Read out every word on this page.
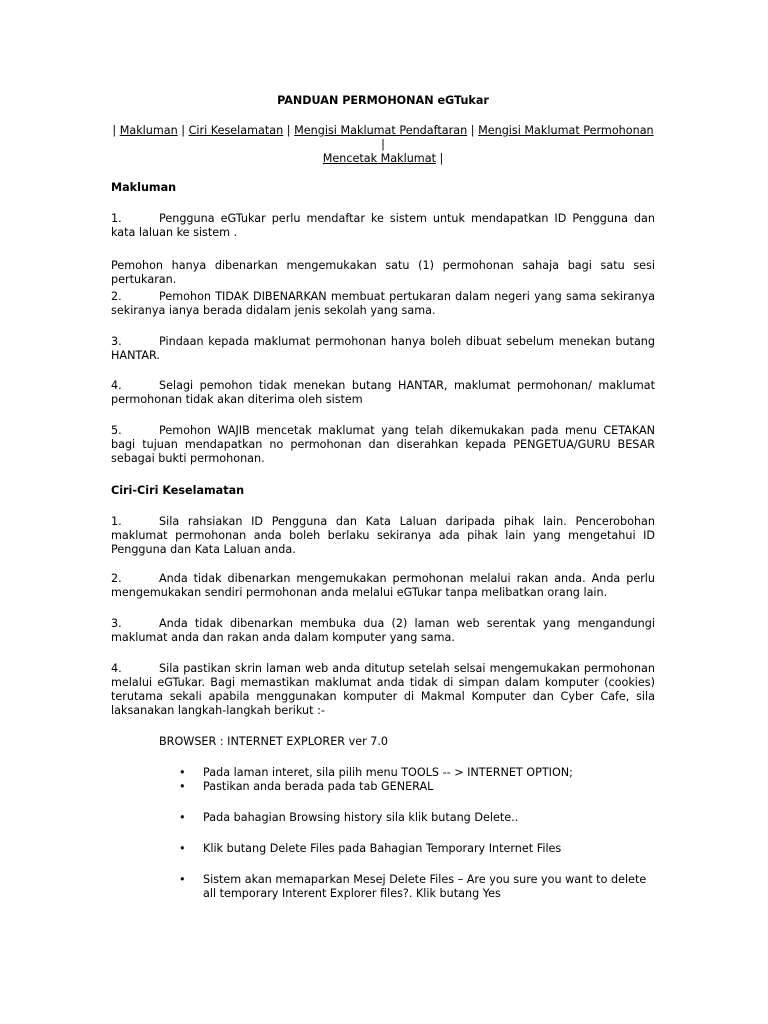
PANDUAN PERMOHONAN eGTukar
| Makluman | Ciri Keselamatan | Mengisi Maklumat Pendaftaran | Mengisi Maklumat Permohonan |
Mencetak Maklumat |
Makluman
1.	Pengguna eGTukar perlu mendaftar ke sistem untuk mendapatkan ID Pengguna dan kata laluan ke sistem .
Pemohon hanya dibenarkan mengemukakan satu (1) permohonan sahaja bagi satu sesi pertukaran.
2.	Pemohon TIDAK DIBENARKAN membuat pertukaran dalam negeri yang sama sekiranya sekiranya ianya berada didalam jenis sekolah yang sama.
3.	Pindaan kepada maklumat permohonan hanya boleh dibuat sebelum menekan butang HANTAR.
4.	Selagi pemohon tidak menekan butang HANTAR, maklumat permohonan/ maklumat permohonan tidak akan diterima oleh sistem
5.	Pemohon WAJIB mencetak maklumat yang telah dikemukakan pada menu CETAKAN bagi tujuan mendapatkan no permohonan dan diserahkan kepada PENGETUA/GURU BESAR sebagai bukti permohonan.
Ciri-Ciri Keselamatan
1.	Sila rahsiakan ID Pengguna dan Kata Laluan daripada pihak lain. Pencerobohan maklumat permohonan anda boleh berlaku sekiranya ada pihak lain yang mengetahui ID Pengguna dan Kata Laluan anda.
2.	Anda tidak dibenarkan mengemukakan permohonan melalui rakan anda. Anda perlu mengemukakan sendiri permohonan anda melalui eGTukar tanpa melibatkan orang lain.
3.	Anda tidak dibenarkan membuka dua (2) laman web serentak yang mengandungi maklumat anda dan rakan anda dalam komputer yang sama.
4.	Sila pastikan skrin laman web anda ditutup setelah selsai mengemukakan permohonan melalui eGTukar. Bagi memastikan maklumat anda tidak di simpan dalam komputer (cookies) terutama sekali apabila menggunakan komputer di Makmal Komputer dan Cyber Cafe, sila laksanakan langkah-langkah berikut :-
BROWSER : INTERNET EXPLORER ver 7.0
• Pada laman interet, sila pilih menu TOOLS -- > INTERNET OPTION;
• Pastikan anda berada pada tab GENERAL
• Pada bahagian Browsing history sila klik butang Delete..
• Klik butang Delete Files pada Bahagian Temporary Internet Files
• Sistem akan memaparkan Mesej Delete Files – Are you sure you want to delete all temporary Interent Explorer files?. Klik butang Yes
